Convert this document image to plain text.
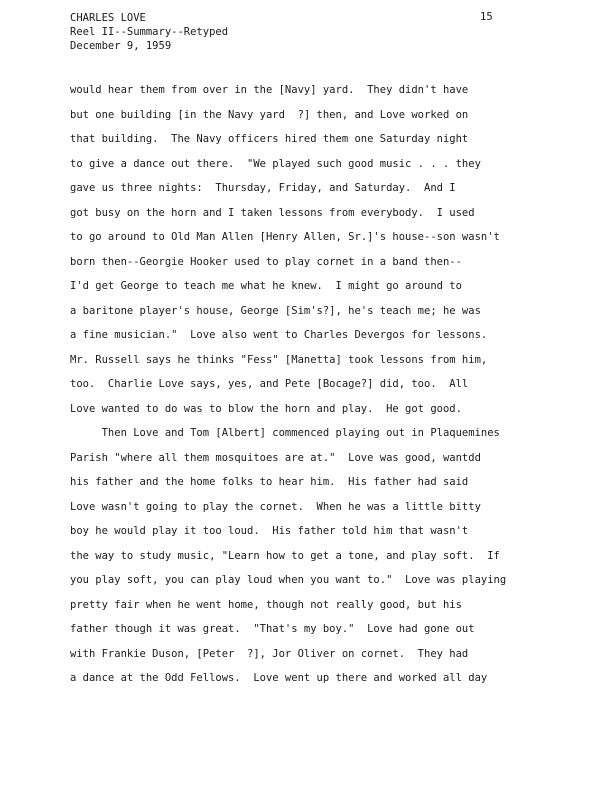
CHARLES LOVE
Reel II--Summary--Retyped
December 9, 1959
15
would hear them from over in the [Navy] yard.  They didn't have
but one building [in the Navy yard  ?] then, and Love worked on
that building.  The Navy officers hired them one Saturday night
to give a dance out there.  "We played such good music . . . they
gave us three nights:  Thursday, Friday, and Saturday.  And I
got busy on the horn and I taken lessons from everybody.  I used
to go around to Old Man Allen [Henry Allen, Sr.]'s house--son wasn't
born then--Georgie Hooker used to play cornet in a band then--
I'd get George to teach me what he knew.  I might go around to
a baritone player's house, George [Sim's?], he's teach me; he was
a fine musician."  Love also went to Charles Devergos for lessons.
Mr. Russell says he thinks "Fess" [Manetta] took lessons from him,
too.  Charlie Love says, yes, and Pete [Bocage?] did, too.  All
Love wanted to do was to blow the horn and play.  He got good.
Then Love and Tom [Albert] commenced playing out in Plaquemines
Parish "where all them mosquitoes are at."  Love was good, wantdd
his father and the home folks to hear him.  His father had said
Love wasn't going to play the cornet.  When he was a little bitty
boy he would play it too loud.  His father told him that wasn't
the way to study music, "Learn how to get a tone, and play soft.  If
you play soft, you can play loud when you want to."  Love was playing
pretty fair when he went home, though not really good, but his
father though it was great.  "That's my boy."  Love had gone out
with Frankie Duson, [Peter  ?], Jor Oliver on cornet.  They had
a dance at the Odd Fellows.  Love went up there and worked all day
